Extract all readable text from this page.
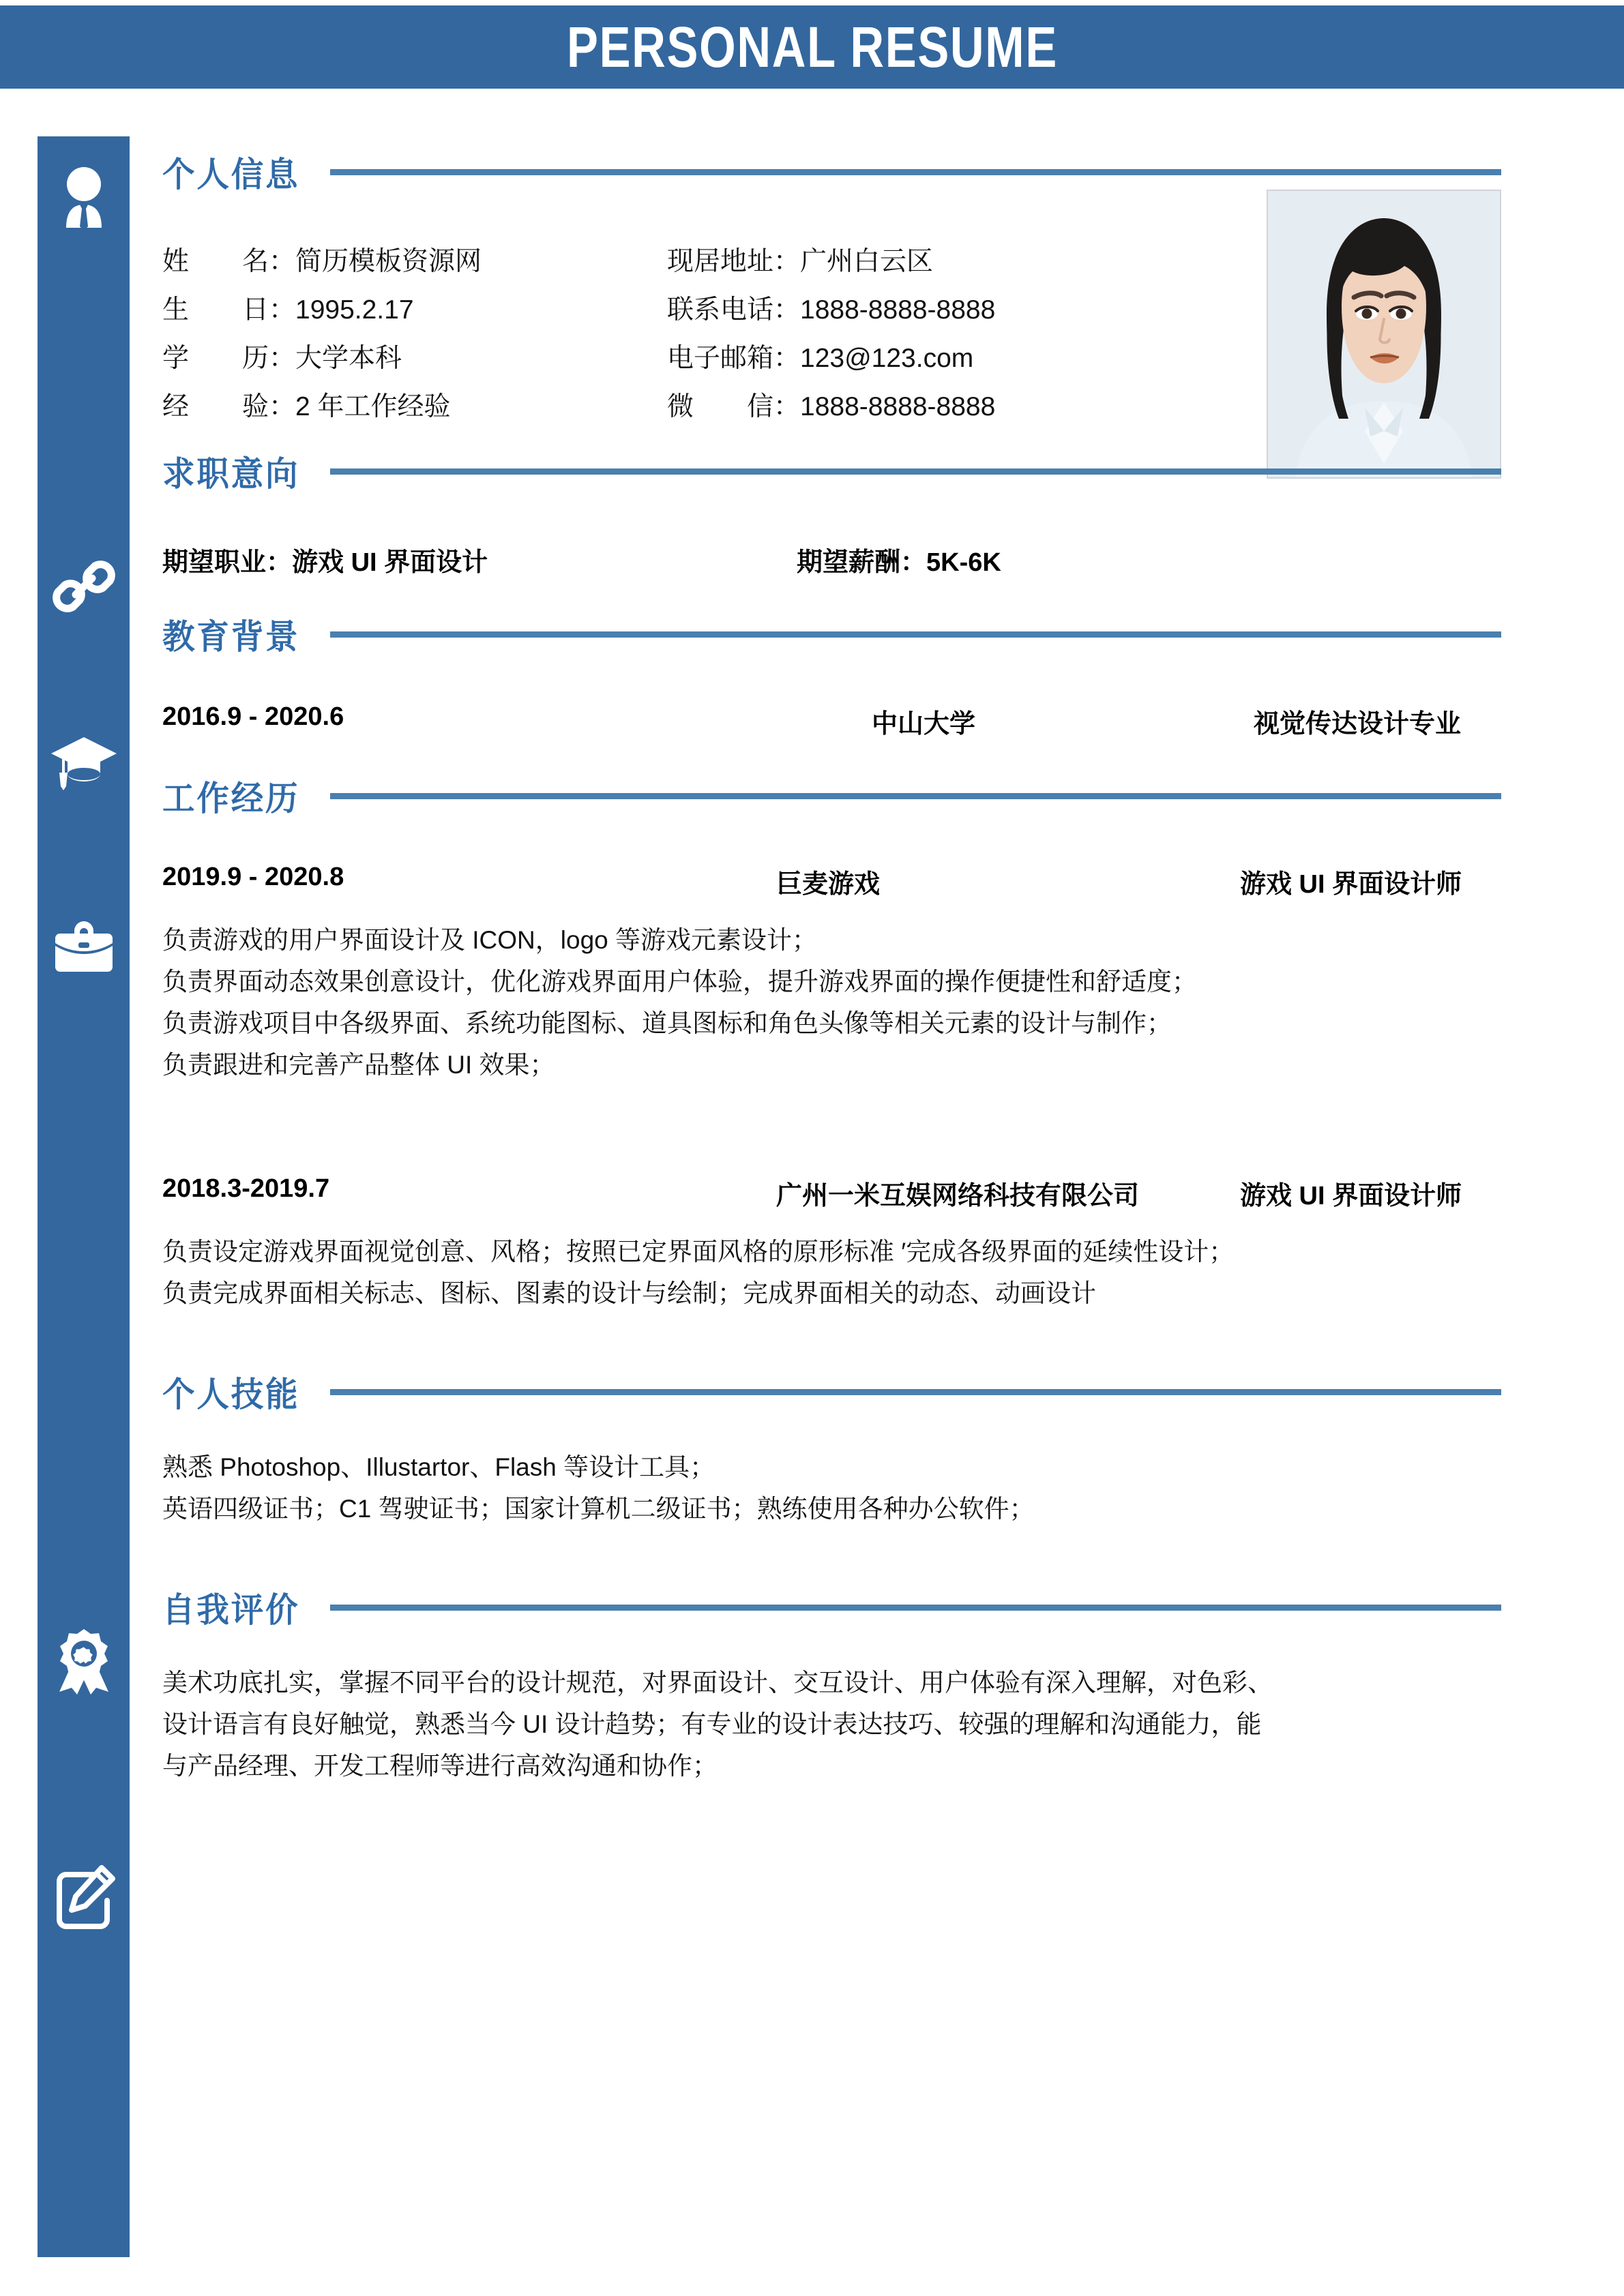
PERSONAL RESUME
个人信息
姓　　名： 简历模板资源网	现居地址： 广州白云区
生　　日： 1995.2.17	联系电话： 1888-8888-8888
学　　历： 大学本科	电子邮箱： 123@123.com
经　　验： 2 年工作经验	微　　信： 1888-8888-8888
求职意向
期望职业：游戏 UI 界面设计	期望薪酬：5K-6K
教育背景
2016.9 - 2020.6	中山大学	视觉传达设计专业
工作经历
2019.9 - 2020.8	巨麦游戏	游戏 UI 界面设计师
负责游戏的用户界面设计及 ICON，logo 等游戏元素设计；
负责界面动态效果创意设计，优化游戏界面用户体验，提升游戏界面的操作便捷性和舒适度；
负责游戏项目中各级界面、系统功能图标、道具图标和角色头像等相关元素的设计与制作；
负责跟进和完善产品整体 UI 效果；
2018.3-2019.7	广州一米互娱网络科技有限公司	游戏 UI 界面设计师
负责设定游戏界面视觉创意、风格；按照已定界面风格的原形标准 ′完成各级界面的延续性设计；
负责完成界面相关标志、图标、图素的设计与绘制；完成界面相关的动态、动画设计
个人技能
熟悉 Photoshop、Illustartor、Flash 等设计工具；
英语四级证书；C1 驾驶证书；国家计算机二级证书；熟练使用各种办公软件；
自我评价
美术功底扎实，掌握不同平台的设计规范，对界面设计、交互设计、用户体验有深入理解，对色彩、
设计语言有良好触觉，熟悉当今 UI 设计趋势；有专业的设计表达技巧、较强的理解和沟通能力，能
与产品经理、开发工程师等进行高效沟通和协作；
